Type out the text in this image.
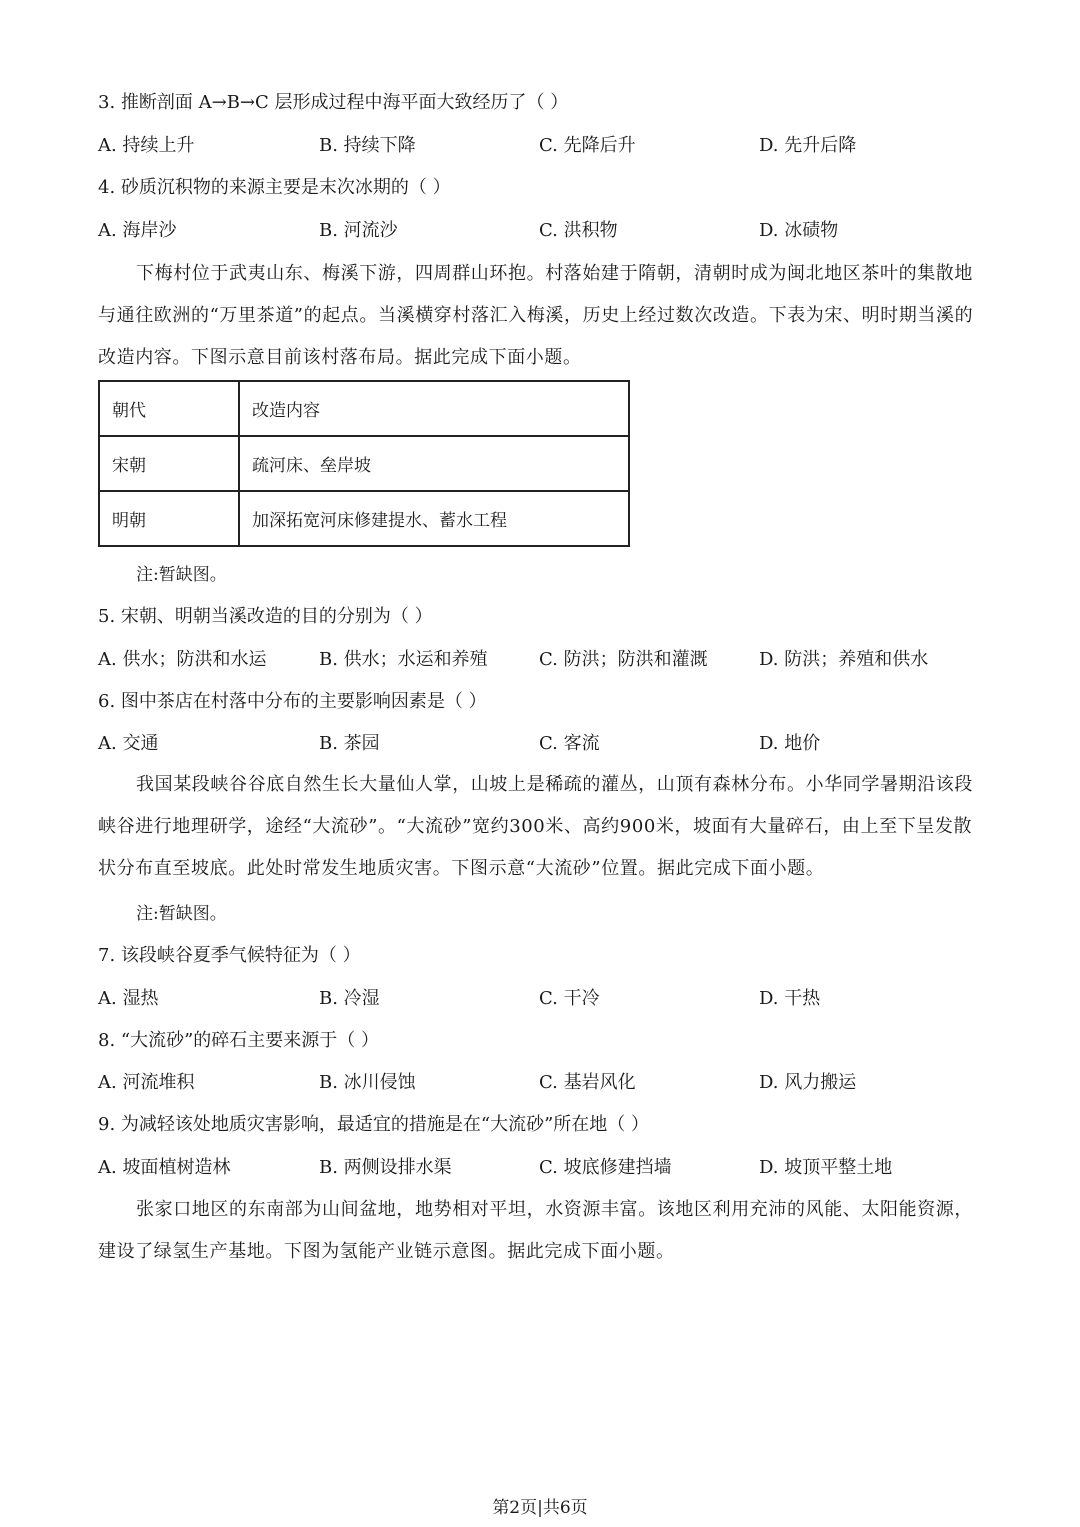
3. 推断剖面 A→B→C 层形成过程中海平面大致经历了（ ）
A. 持续上升	B. 持续下降	C. 先降后升	D. 先升后降
4. 砂质沉积物的来源主要是末次冰期的（ ）
A. 海岸沙	B. 河流沙	C. 洪积物	D. 冰碛物
下梅村位于武夷山东、梅溪下游，四周群山环抱。村落始建于隋朝，清朝时成为闽北地区茶叶的集散地与通往欧洲的“万里茶道”的起点。当溪横穿村落汇入梅溪，历史上经过数次改造。下表为宋、明时期当溪的改造内容。下图示意目前该村落布局。据此完成下面小题。
朝代	改造内容
宋朝	疏河床、垒岸坡
明朝	加深拓宽河床修建提水、蓄水工程
注:暂缺图。
5. 宋朝、明朝当溪改造的目的分别为（ ）
A. 供水；防洪和水运	B. 供水；水运和养殖	C. 防洪；防洪和灌溉	D. 防洪；养殖和供水
6. 图中茶店在村落中分布的主要影响因素是（ ）
A. 交通	B. 茶园	C. 客流	D. 地价
我国某段峡谷谷底自然生长大量仙人掌，山坡上是稀疏的灌丛，山顶有森林分布。小华同学暑期沿该段峡谷进行地理研学，途经“大流砂”。“大流砂”宽约300米、高约900米，坡面有大量碎石，由上至下呈发散状分布直至坡底。此处时常发生地质灾害。下图示意“大流砂”位置。据此完成下面小题。
注:暂缺图。
7. 该段峡谷夏季气候特征为（ ）
A. 湿热	B. 冷湿	C. 干冷	D. 干热
8. “大流砂”的碎石主要来源于（ ）
A. 河流堆积	B. 冰川侵蚀	C. 基岩风化	D. 风力搬运
9. 为减轻该处地质灾害影响，最适宜的措施是在“大流砂”所在地（ ）
A. 坡面植树造林	B. 两侧设排水渠	C. 坡底修建挡墙	D. 坡顶平整土地
张家口地区的东南部为山间盆地，地势相对平坦，水资源丰富。该地区利用充沛的风能、太阳能资源，建设了绿氢生产基地。下图为氢能产业链示意图。据此完成下面小题。
第2页|共6页
